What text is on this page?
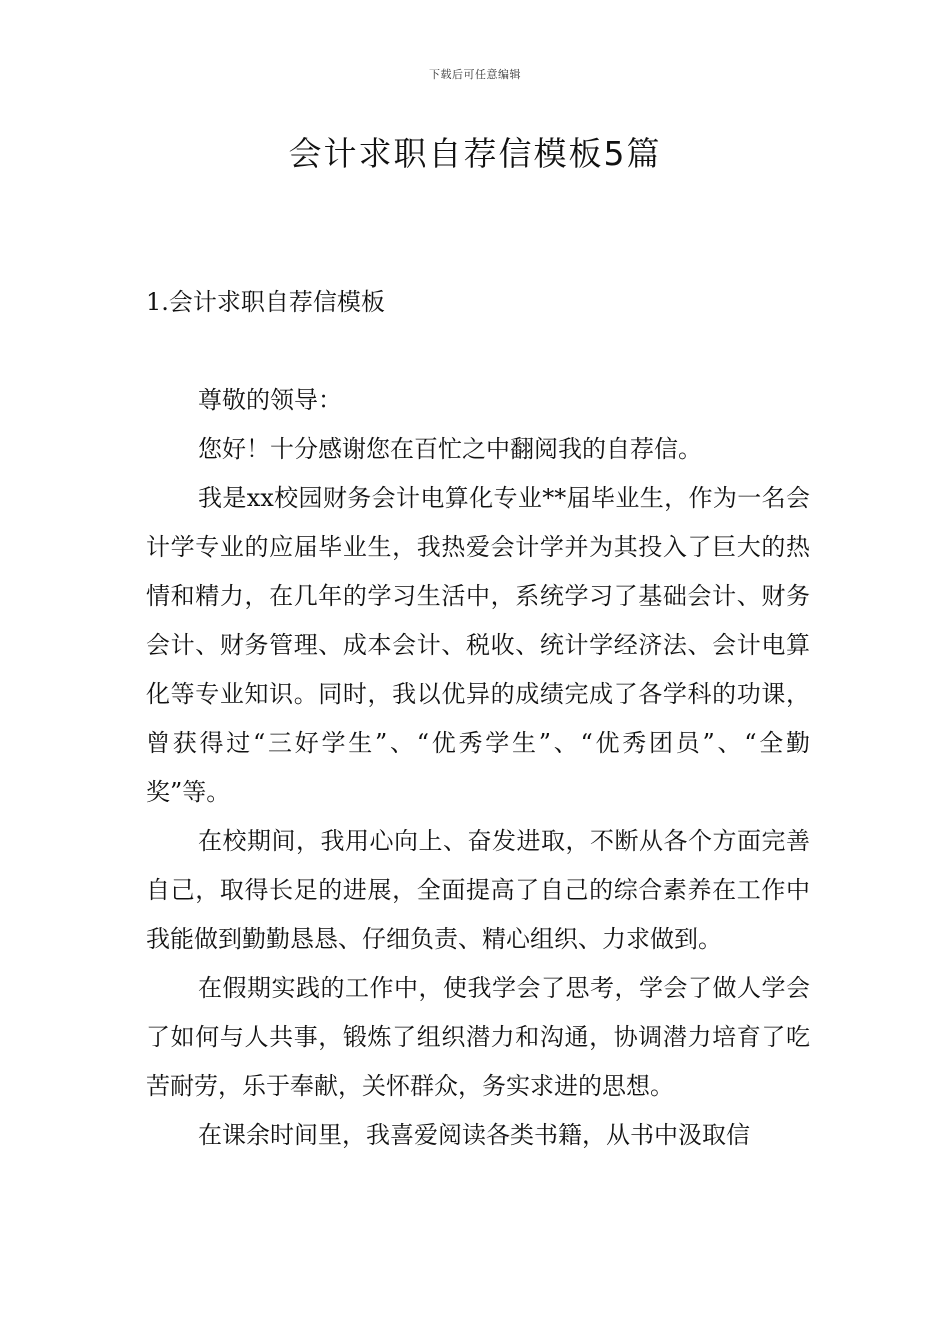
下载后可任意编辑
会计求职自荐信模板5篇
1.会计求职自荐信模板

尊敬的领导：

您好！十分感谢您在百忙之中翻阅我的自荐信。

我是xx校园财务会计电算化专业**届毕业生，作为一名会计学专业的应届毕业生，我热爱会计学并为其投入了巨大的热情和精力，在几年的学习生活中，系统学习了基础会计、财务会计、财务管理、成本会计、税收、统计学经济法、会计电算化等专业知识。同时，我以优异的成绩完成了各学科的功课，曾获得过“三好学生”、“优秀学生”、“优秀团员”、“全勤奖”等。

在校期间，我用心向上、奋发进取，不断从各个方面完善自己，取得长足的进展，全面提高了自己的综合素养在工作中我能做到勤勤恳恳、仔细负责、精心组织、力求做到。

在假期实践的工作中，使我学会了思考，学会了做人学会了如何与人共事，锻炼了组织潜力和沟通，协调潜力培育了吃苦耐劳，乐于奉献，关怀群众，务实求进的思想。

在课余时间里，我喜爱阅读各类书籍，从书中汲取信
